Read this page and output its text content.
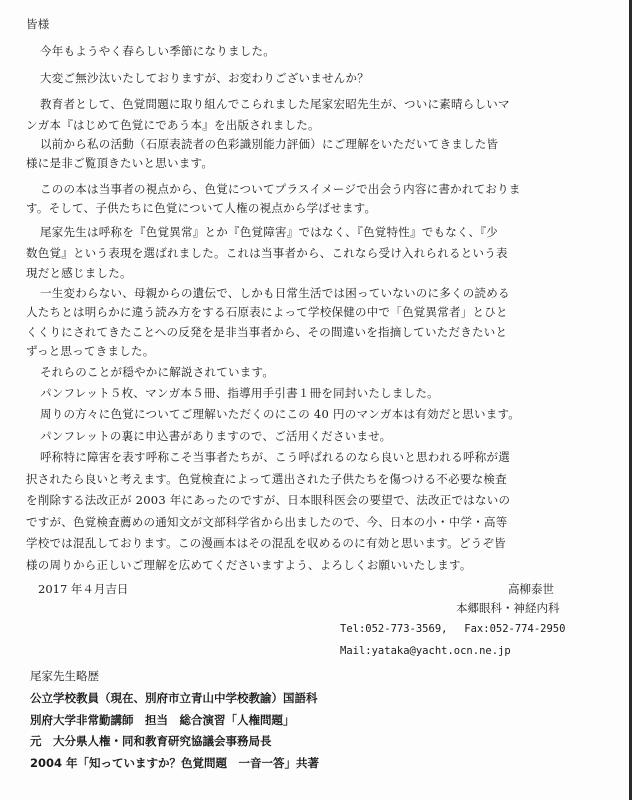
皆様
今年もようやく春らしい季節になりました。
大変ご無沙汰いたしておりますが、お変わりございませんか？
教育者として、色覚問題に取り組んでこられました尾家宏昭先生が、ついに素晴らしいマ
ンガ本『はじめて色覚にであう本』を出版されました。
以前から私の活動（石原表読者の色彩識別能力評価）にご理解をいただいてきました皆
様に是非ご覧頂きたいと思います。
このの本は当事者の視点から、色覚についてプラスイメージで出会う内容に書かれておりま
す。そして、子供たちに色覚について人権の視点から学ばせます。
尾家先生は呼称を『色覚異常』とか『色覚障害』ではなく、『色覚特性』でもなく、『少
数色覚』という表現を選ばれました。これは当事者から、これなら受け入れられるという表
現だと感じました。
一生変わらない、母親からの遺伝で、しかも日常生活では困っていないのに多くの読める
人たちとは明らかに違う読み方をする石原表によって学校保健の中で「色覚異常者」とひと
くくりにされてきたことへの反発を是非当事者から、その間違いを指摘していただきたいと
ずっと思ってきました。
それらのことが穏やかに解説されています。
パンフレット５枚、マンガ本５冊、指導用手引書１冊を同封いたしました。
周りの方々に色覚についてご理解いただくのにこの 40 円のマンガ本は有効だと思います。
パンフレットの裏に申込書がありますので、ご活用くださいませ。
呼称特に障害を表す呼称こそ当事者たちが、こう呼ばれるのなら良いと思われる呼称が選
択されたら良いと考えます。色覚検査によって選出された子供たちを傷つける不必要な検査
を削除する法改正が 2003 年にあったのですが、日本眼科医会の要望で、法改正ではないの
ですが、色覚検査薦めの通知文が文部科学省から出ましたので、今、日本の小・中学・高等
学校では混乱しております。この漫画本はその混乱を収めるのに有効と思います。どうぞ皆
様の周りから正しいご理解を広めてくださいますよう、よろしくお願いいたします。
2017 年４月吉日	高柳泰世
本郷眼科・神経内科
Tel:052-773-3569,　 Fax:052-774-2950
Mail:yataka@yacht.ocn.ne.jp
尾家先生略歴
公立学校教員（現在、別府市立青山中学校教諭）国語科
別府大学非常勤講師　担当　総合演習「人権問題」
元　大分県人権・同和教育研究協議会事務局長
2004 年「知っていますか？色覚問題　一音一答」共著
